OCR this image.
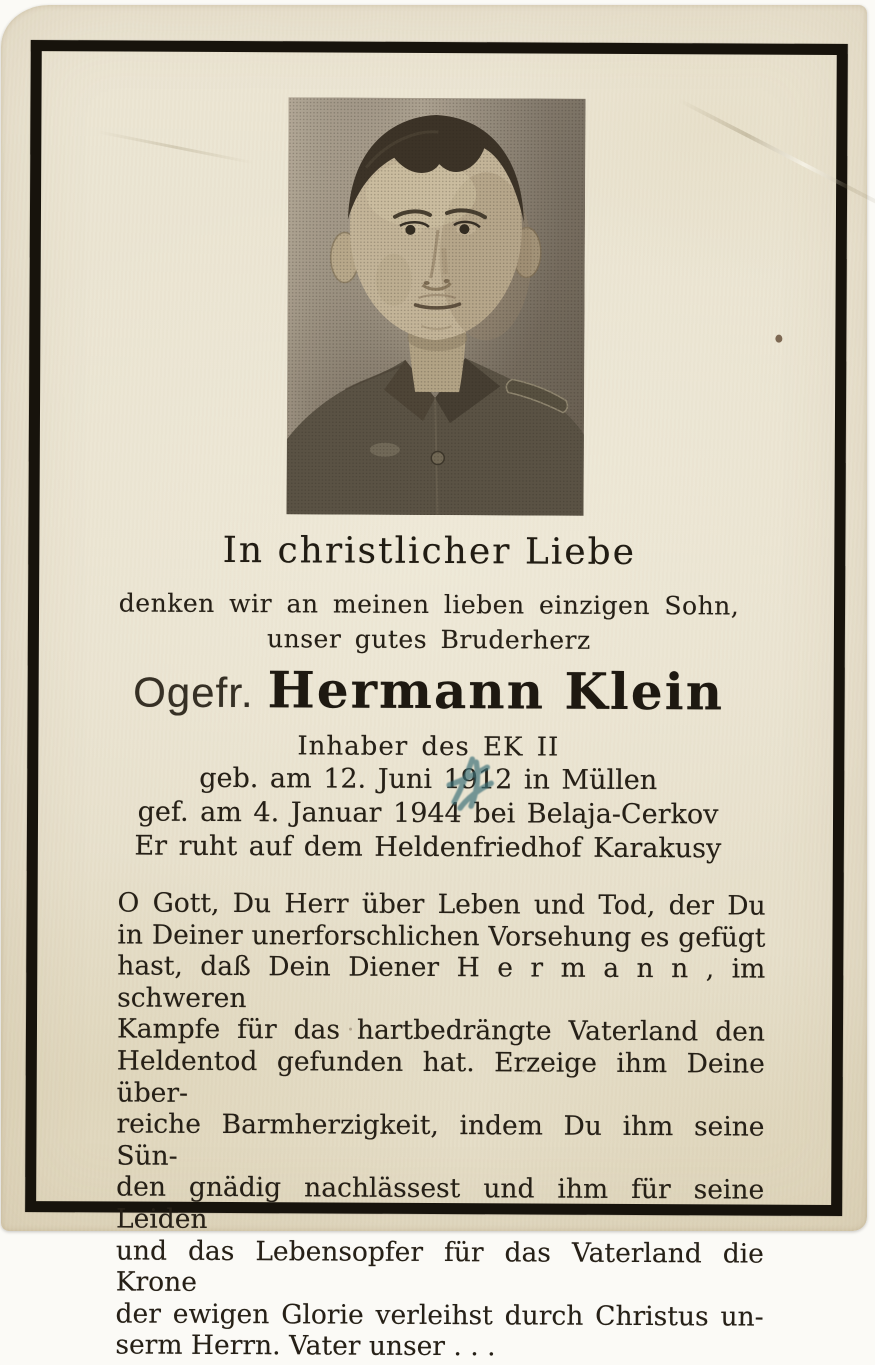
In christlicher Liebe
denken wir an meinen lieben einzigen Sohn,
unser gutes Bruderherz
Ogefr. Hermann Klein
Inhaber des EK II
geb. am 12. Juni 1912 in Müllen
gef. am 4. Januar 1944 bei Belaja-Cerkov
Er ruht auf dem Heldenfriedhof Karakusy
O Gott, Du Herr über Leben und Tod, der Du
in Deiner unerforschlichen Vorsehung es gefügt
hast, daß Dein Diener H e r m a n n , im schweren
Kampfe für das hartbedrängte Vaterland den
Heldentod gefunden hat. Erzeige ihm Deine über-
reiche Barmherzigkeit, indem Du ihm seine Sün-
den gnädig nachlässest und ihm für seine Leiden
und das Lebensopfer für das Vaterland die Krone
der ewigen Glorie verleihst durch Christus un-
serm Herrn. Vater unser . . .
